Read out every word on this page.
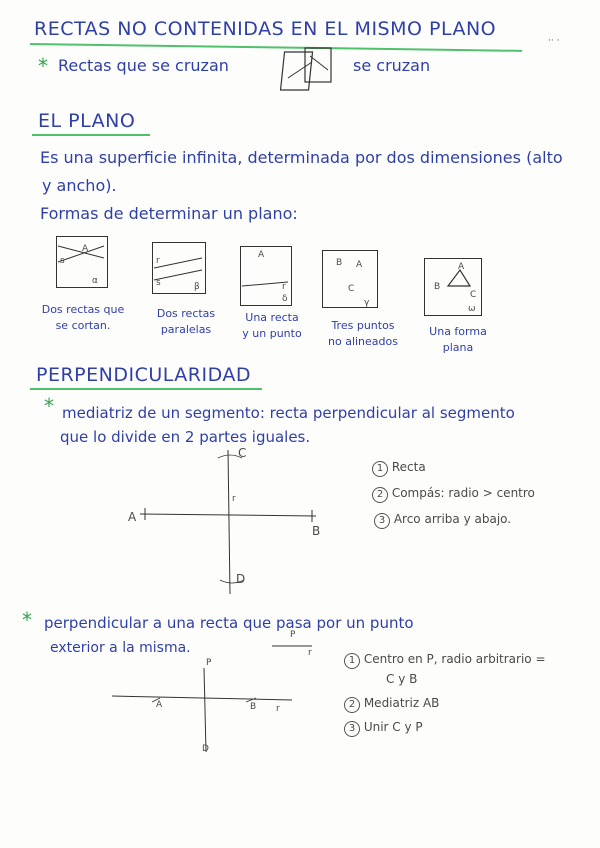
RECTAS NO CONTENIDAS EN EL MISMO PLANO
·· ·
* Rectas que se cruzan	se cruzan
EL PLANO
Es una superficie infinita, determinada por dos dimensiones (alto
y ancho).
Formas de determinar un plano:
A
s
α
r
s	β
A
r
δ
B A
C
γ
A
B
C
ω
Dos rectas que
se cortan.
Dos rectas
paralelas
Una recta
y un punto
Tres puntos
no alineados
Una forma
plana
PERPENDICULARIDAD
* mediatriz de un segmento: recta perpendicular al segmento
que lo divide en 2 partes iguales.
C
A
B
r
D
1 Recta
2 Compás: radio > centro
3 Arco arriba y abajo.
* perpendicular a una recta que pasa por un punto
exterior a la misma.
P
r
P
A	B r
D
1 Centro en P, radio arbitrario =
C y B
2 Mediatriz AB
3 Unir C y P
